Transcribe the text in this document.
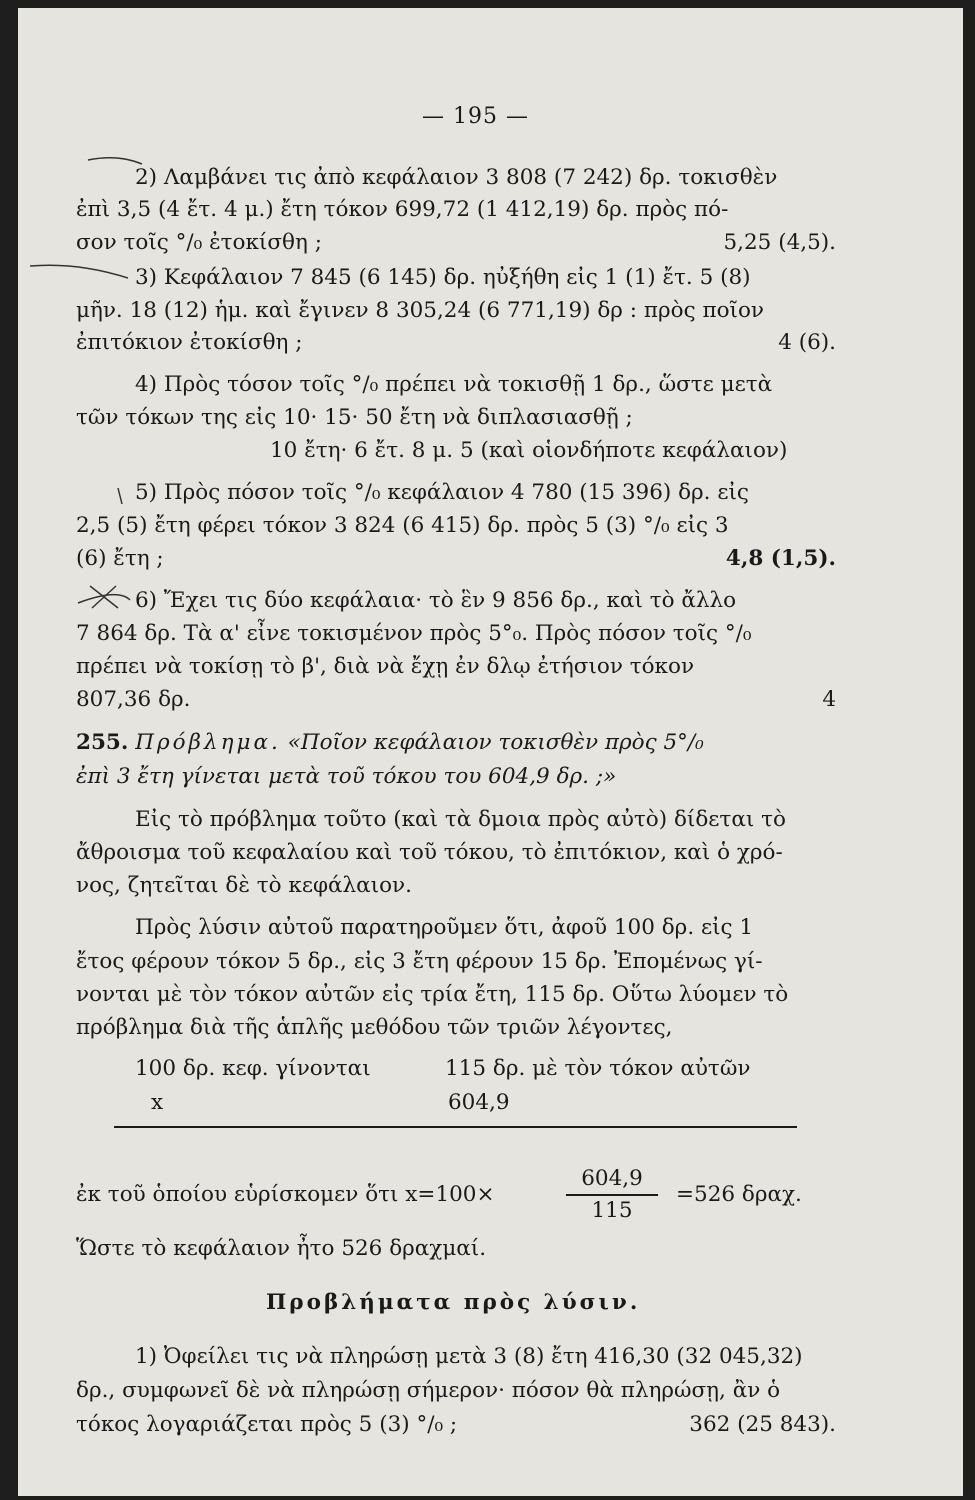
— 195 —
2) Λαμβάνει τις ἀπὸ κεφάλαιον 3 808 (7 242) δρ. τοκισθὲν
ἐπὶ 3,5 (4 ἔτ. 4 μ.) ἔτη τόκον 699,72 (1 412,19) δρ. πρὸς πό-
σον τοῖς °/₀ ἐτοκίσθη ;	5,25 (4,5).
3) Κεφάλαιον 7 845 (6 145) δρ. ηὐξήθη εἰς 1 (1) ἔτ. 5 (8)
μῆν. 18 (12) ἡμ. καὶ ἔγινεν 8 305,24 (6 771,19) δρ : πρὸς ποῖον
ἐπιτόκιον ἐτοκίσθη ;	4 (6).
4) Πρὸς τόσον τοῖς °/₀ πρέπει νὰ τοκισθῇ 1 δρ., ὥστε μετὰ
τῶν τόκων της εἰς 10· 15· 50 ἔτη νὰ διπλασιασθῇ ;
10 ἔτη· 6 ἔτ. 8 μ. 5 (καὶ οἱονδήποτε κεφάλαιον)
5) Πρὸς πόσον τοῖς °/₀ κεφάλαιον 4 780 (15 396) δρ. εἰς
2,5 (5) ἔτη φέρει τόκον 3 824 (6 415) δρ. πρὸς 5 (3) °/₀ εἰς 3
(6) ἔτη ;	4,8 (1,5).
6) Ἔχει τις δύο κεφάλαια· τὸ ἓν 9 856 δρ., καὶ τὸ ἄλλο
7 864 δρ. Τὰ α' εἶνε τοκισμένον πρὸς 5°₀. Πρὸς πόσον τοῖς °/₀
πρέπει νὰ τοκίσῃ τὸ β', διὰ νὰ ἔχῃ ἐν δλῳ ἐτήσιον τόκον
807,36 δρ.	4
255. Πρόβλημα. «Ποῖον κεφάλαιον τοκισθὲν πρὸς 5°/₀
ἐπὶ 3 ἔτη γίνεται μετὰ τοῦ τόκου του 604,9 δρ. ;»
Εἰς τὸ πρόβλημα τοῦτο (καὶ τὰ δμοια πρὸς αὐτὸ) δίδεται τὸ
ἄθροισμα τοῦ κεφαλαίου καὶ τοῦ τόκου, τὸ ἐπιτόκιον, καὶ ὁ χρό-
νος, ζητεῖται δὲ τὸ κεφάλαιον.
Πρὸς λύσιν αὐτοῦ παρατηροῦμεν ὅτι, ἀφοῦ 100 δρ. εἰς 1
ἔτος φέρουν τόκον 5 δρ., εἰς 3 ἔτη φέρουν 15 δρ. Ἐπομένως γί-
νονται μὲ τὸν τόκον αὐτῶν εἰς τρία ἔτη, 115 δρ. Οὕτω λύομεν τὸ
πρόβλημα διὰ τῆς ἁπλῆς μεθόδου τῶν τριῶν λέγοντες,
100 δρ. κεφ. γίνονται	115 δρ. μὲ τὸν τόκον αὐτῶν
x	604,9
ἐκ τοῦ ὁποίου εὑρίσκομεν ὅτι x=100×
604,9
115
=526 δραχ.
Ὥστε τὸ κεφάλαιον ἦτο 526 δραχμαί.
Προβλήματα πρὸς λύσιν.
1) Ὀφείλει τις νὰ πληρώσῃ μετὰ 3 (8) ἔτη 416,30 (32 045,32)
δρ., συμφωνεῖ δὲ νὰ πληρώσῃ σήμερον· πόσον θὰ πληρώσῃ, ἂν ὁ
τόκος λογαριάζεται πρὸς 5 (3) °/₀ ;	362 (25 843).
